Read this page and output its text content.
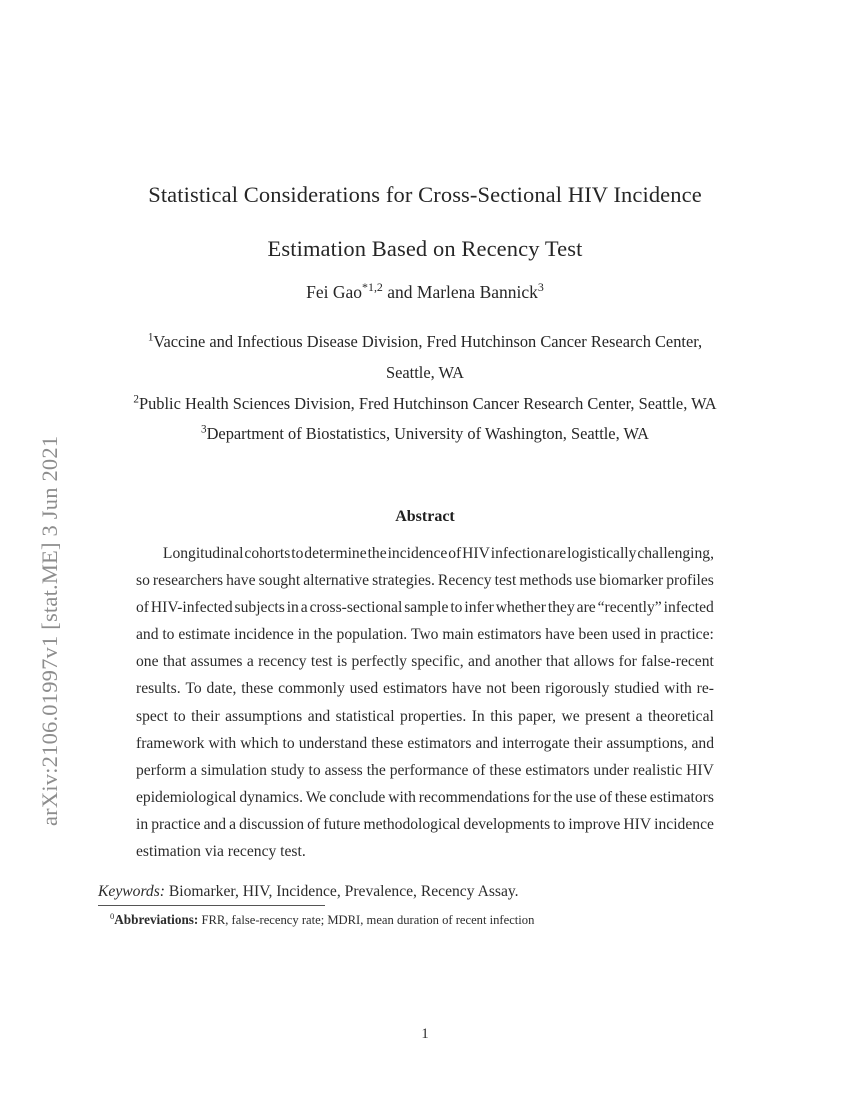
arXiv:2106.01997v1 [stat.ME] 3 Jun 2021
Statistical Considerations for Cross-Sectional HIV Incidence
Estimation Based on Recency Test
Fei Gao$^{*1,2}$ and Marlena Bannick$^3$
$^1$Vaccine and Infectious Disease Division, Fred Hutchinson Cancer Research Center,
Seattle, WA
$^2$Public Health Sciences Division, Fred Hutchinson Cancer Research Center, Seattle, WA
$^3$Department of Biostatistics, University of Washington, Seattle, WA
Abstract
Longitudinal cohorts to determine the incidence of HIV infection are logistically challenging,
so researchers have sought alternative strategies. Recency test methods use biomarker profiles
of HIV-infected subjects in a cross-sectional sample to infer whether they are “recently” infected
and to estimate incidence in the population. Two main estimators have been used in practice:
one that assumes a recency test is perfectly specific, and another that allows for false-recent
results. To date, these commonly used estimators have not been rigorously studied with re-
spect to their assumptions and statistical properties. In this paper, we present a theoretical
framework with which to understand these estimators and interrogate their assumptions, and
perform a simulation study to assess the performance of these estimators under realistic HIV
epidemiological dynamics. We conclude with recommendations for the use of these estimators
in practice and a discussion of future methodological developments to improve HIV incidence
estimation via recency test.
Keywords: Biomarker, HIV, Incidence, Prevalence, Recency Assay.
$^0$Abbreviations: FRR, false-recency rate; MDRI, mean duration of recent infection
1
